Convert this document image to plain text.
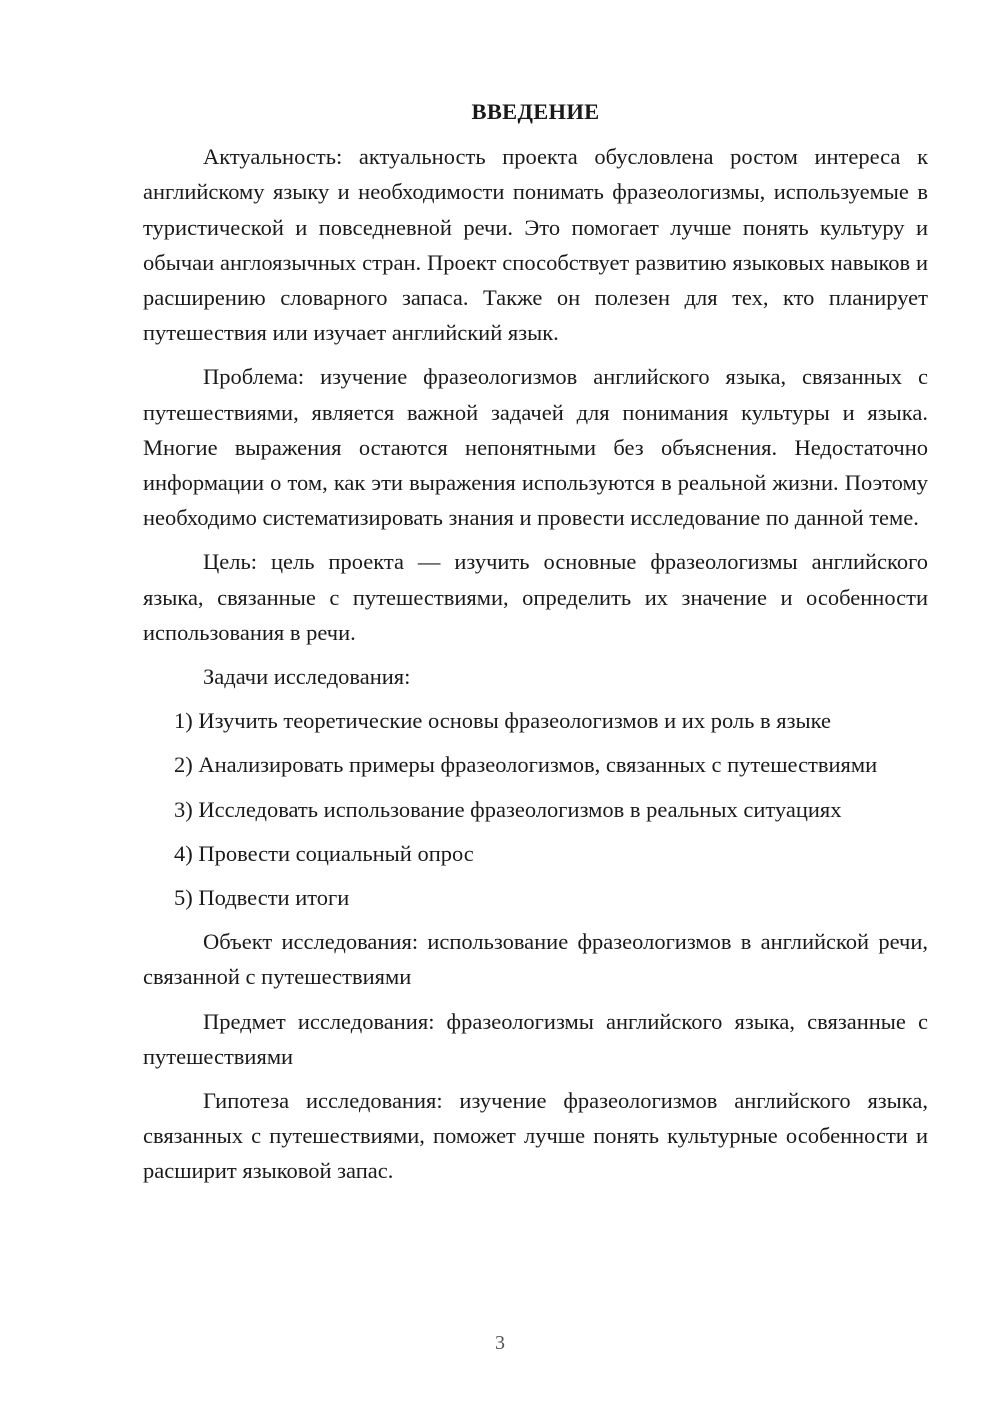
ВВЕДЕНИЕ

Актуальность: актуальность проекта обусловлена ростом интереса к английскому языку и необходимости понимать фразеологизмы, используемые в туристической и повседневной речи. Это помогает лучше понять культуру и обычаи англоязычных стран. Проект способствует развитию языковых навыков и расширению словарного запаса. Также он полезен для тех, кто планирует путешествия или изучает английский язык.

Проблема: изучение фразеологизмов английского языка, связанных с путешествиями, является важной задачей для понимания культуры и языка. Многие выражения остаются непонятными без объяснения. Недостаточно информации о том, как эти выражения используются в реальной жизни. Поэтому необходимо систематизировать знания и провести исследование по данной теме.

Цель: цель проекта — изучить основные фразеологизмы английского языка, связанные с путешествиями, определить их значение и особенности использования в речи.

Задачи исследования:

1) Изучить теоретические основы фразеологизмов и их роль в языке

2) Анализировать примеры фразеологизмов, связанных с путешествиями

3) Исследовать использование фразеологизмов в реальных ситуациях

4) Провести социальный опрос

5) Подвести итоги

Объект исследования: использование фразеологизмов в английской речи, связанной с путешествиями

Предмет исследования: фразеологизмы английского языка, связанные с путешествиями

Гипотеза исследования: изучение фразеологизмов английского языка, связанных с путешествиями, поможет лучше понять культурные особенности и расширит языковой запас.

3
